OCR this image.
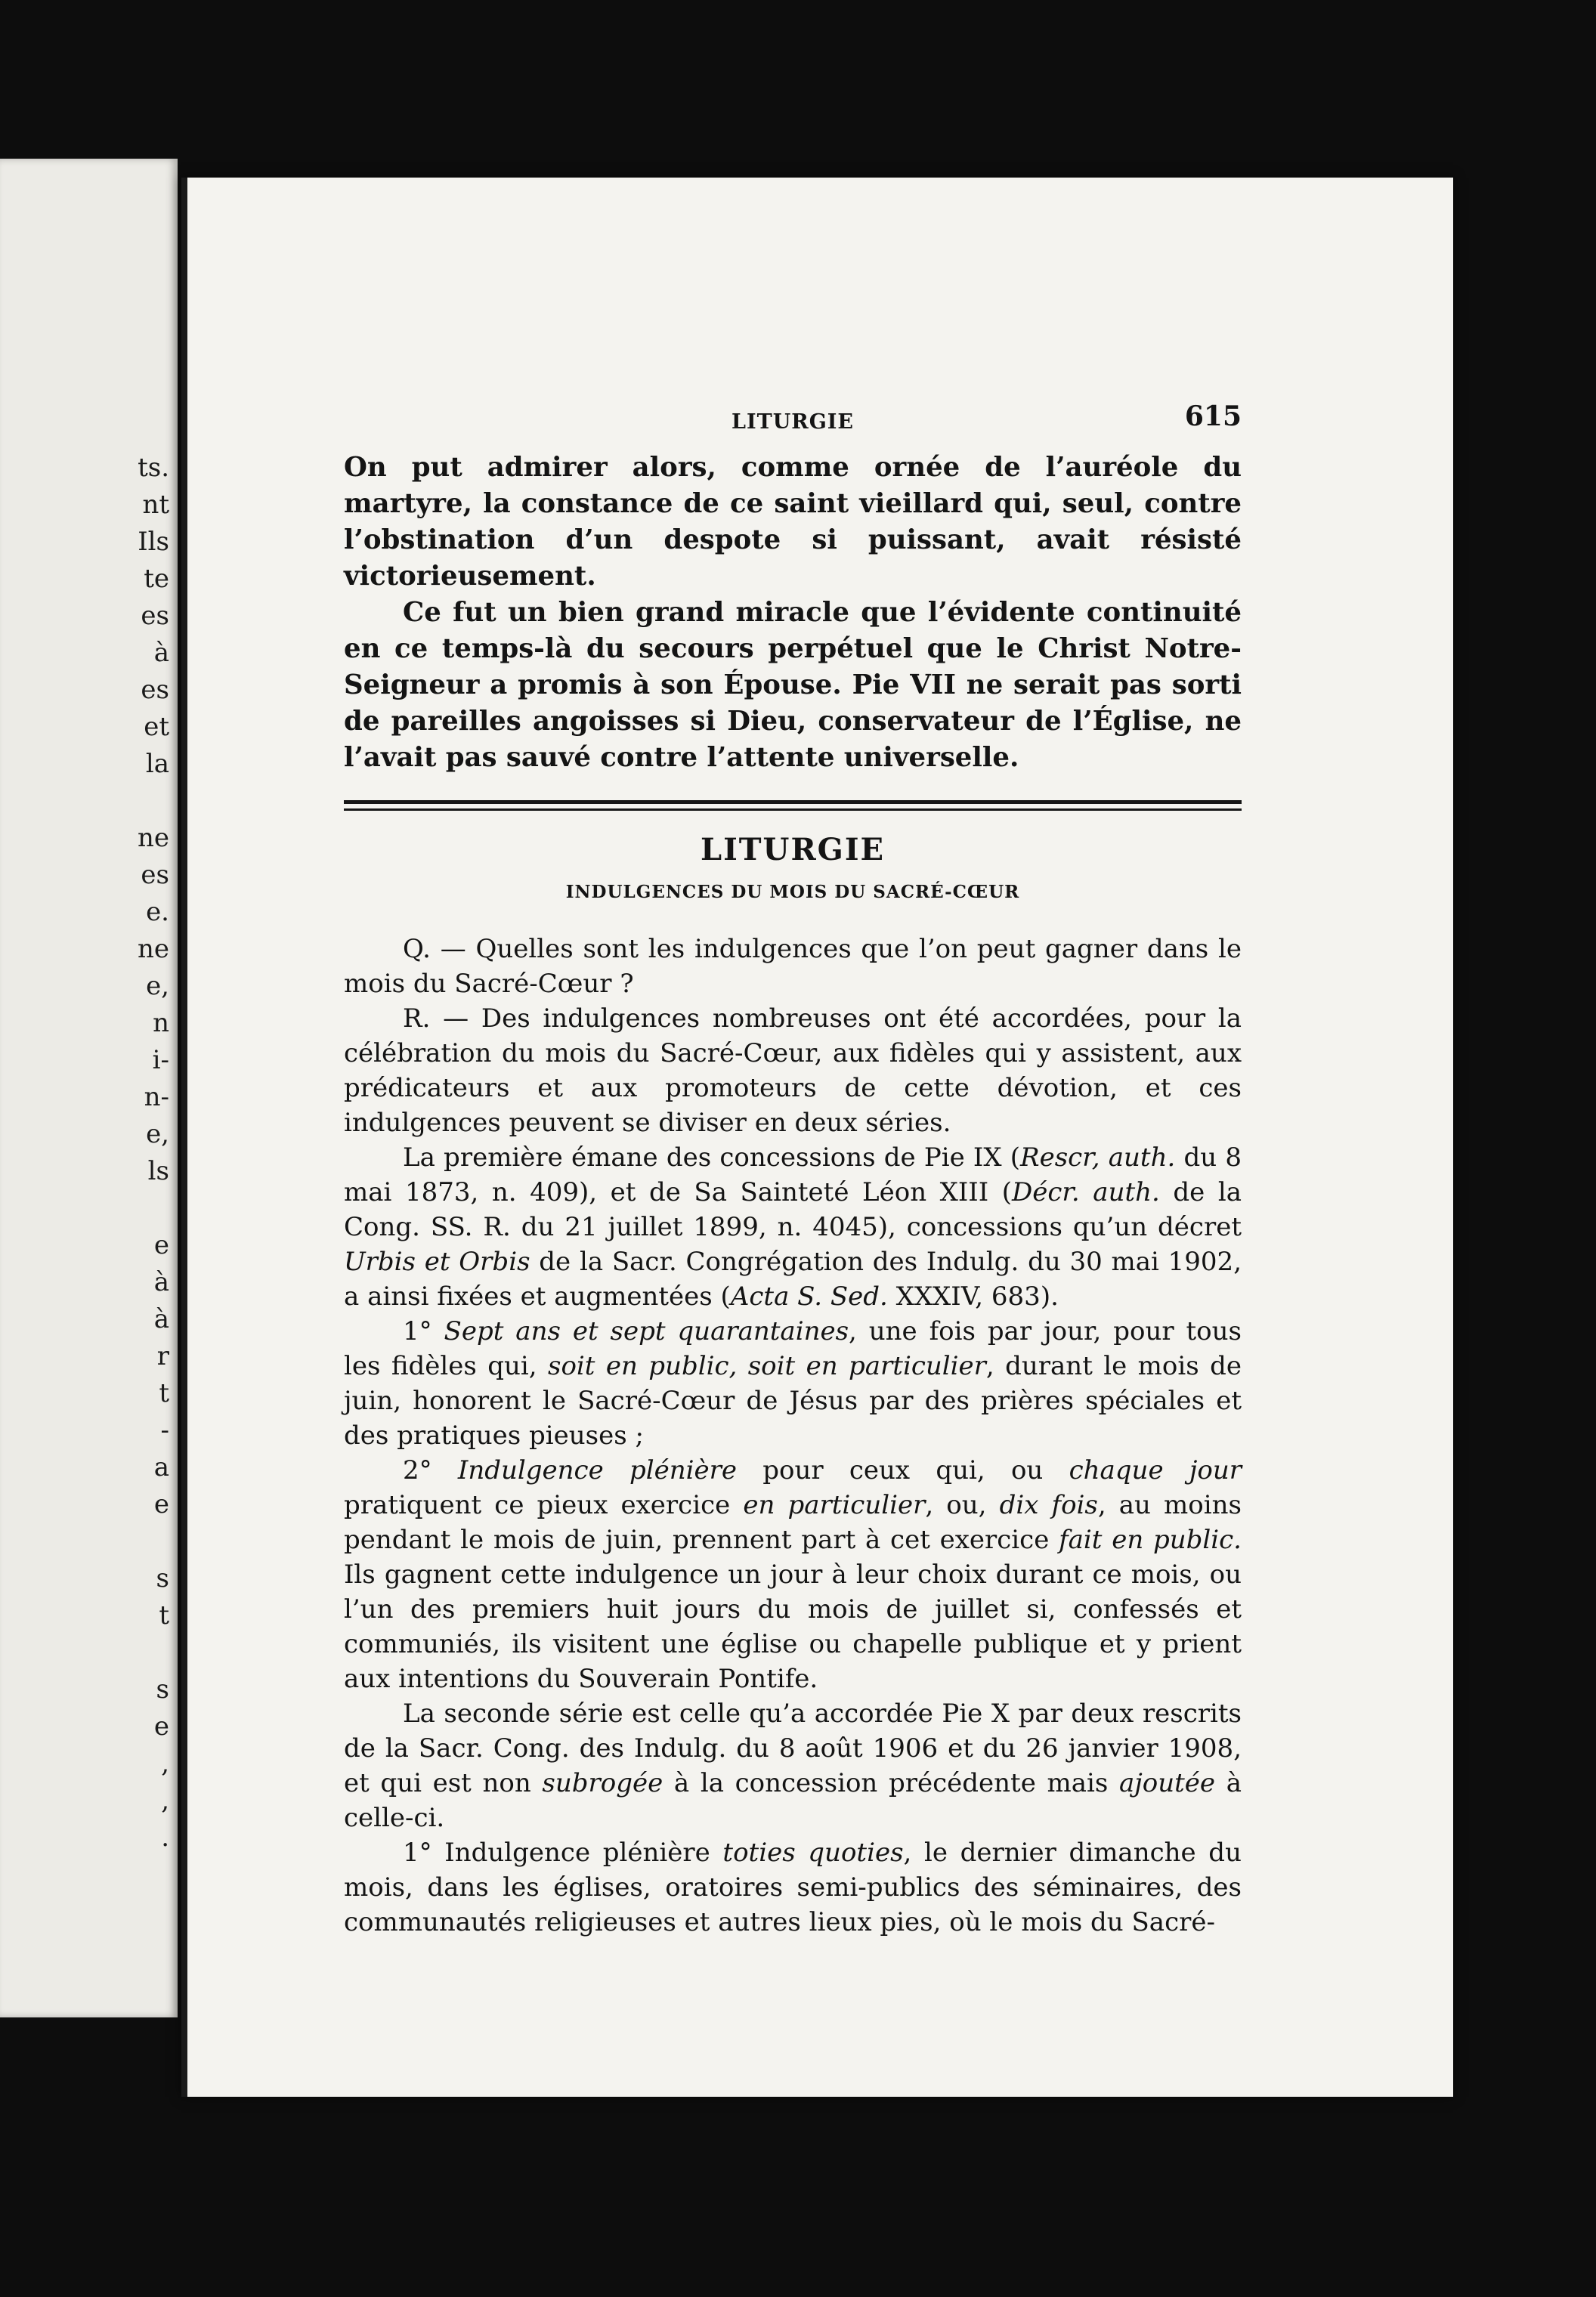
ts.
nt
Ils
te
es
à
es
et
la
ne
es
e.
ne
e,
n
i-
n-
e,
ls
e
à
à
r
t
-
a
e
s
t
s
e
,
,
.
LITURGIE	615

On put admirer alors, comme ornée de l’auréole du martyre, la constance de ce saint vieillard qui, seul, contre l’obstination d’un despote si puissant, avait résisté victorieusement.

Ce fut un bien grand miracle que l’évidente continuité en ce temps-là du secours perpétuel que le Christ Notre-Seigneur a promis à son Épouse. Pie VII ne serait pas sorti de pareilles angoisses si Dieu, conservateur de l’Église, ne l’avait pas sauvé contre l’attente universelle.

LITURGIE
INDULGENCES DU MOIS DU SACRÉ-CŒUR

Q. — Quelles sont les indulgences que l’on peut gagner dans le mois du Sacré-Cœur ?

R. — Des indulgences nombreuses ont été accordées, pour la célébration du mois du Sacré-Cœur, aux fidèles qui y assistent, aux prédicateurs et aux promoteurs de cette dévotion, et ces indulgences peuvent se diviser en deux séries.

La première émane des concessions de Pie IX (Rescr, auth. du 8 mai 1873, n. 409), et de Sa Sainteté Léon XIII (Décr. auth. de la Cong. SS. R. du 21 juillet 1899, n. 4045), concessions qu’un décret Urbis et Orbis de la Sacr. Congrégation des Indulg. du 30 mai 1902, a ainsi fixées et augmentées (Acta S. Sed. XXXIV, 683).

1° Sept ans et sept quarantaines, une fois par jour, pour tous les fidèles qui, soit en public, soit en particulier, durant le mois de juin, honorent le Sacré-Cœur de Jésus par des prières spéciales et des pratiques pieuses ;

2° Indulgence plénière pour ceux qui, ou chaque jour pratiquent ce pieux exercice en particulier, ou, dix fois, au moins pendant le mois de juin, prennent part à cet exercice fait en public. Ils gagnent cette indulgence un jour à leur choix durant ce mois, ou l’un des premiers huit jours du mois de juillet si, confessés et communiés, ils visitent une église ou chapelle publique et y prient aux intentions du Souverain Pontife.

La seconde série est celle qu’a accordée Pie X par deux rescrits de la Sacr. Cong. des Indulg. du 8 août 1906 et du 26 janvier 1908, et qui est non subrogée à la concession précédente mais ajoutée à celle-ci.

1° Indulgence plénière toties quoties, le dernier dimanche du mois, dans les églises, oratoires semi-publics des séminaires, des communautés religieuses et autres lieux pies, où le mois du Sacré-
